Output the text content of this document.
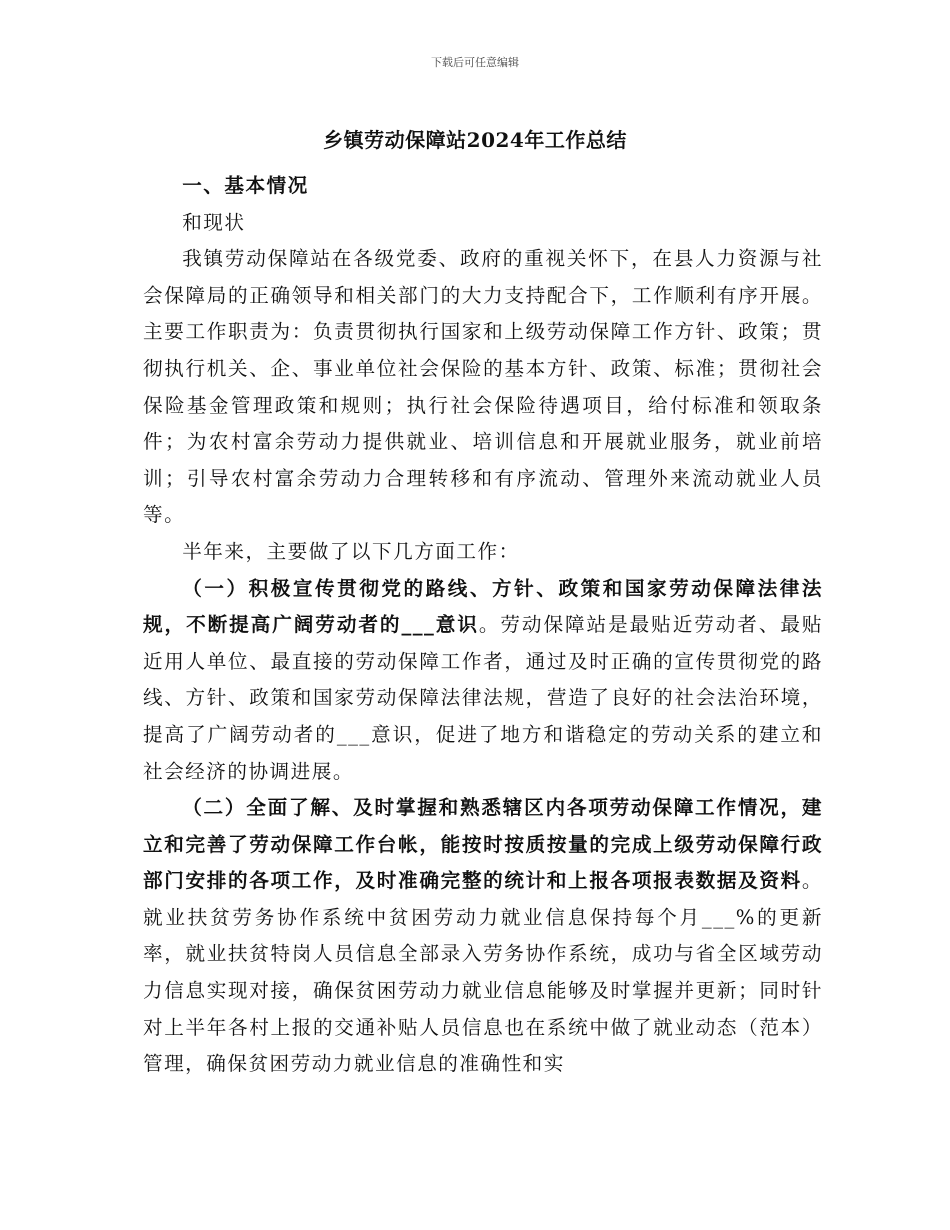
下载后可任意编辑
乡镇劳动保障站2024年工作总结

一、基本情况

和现状

我镇劳动保障站在各级党委、政府的重视关怀下，在县人力资源与社会保障局的正确领导和相关部门的大力支持配合下，工作顺利有序开展。主要工作职责为：负责贯彻执行国家和上级劳动保障工作方针、政策；贯彻执行机关、企、事业单位社会保险的基本方针、政策、标准；贯彻社会保险基金管理政策和规则；执行社会保险待遇项目，给付标准和领取条件；为农村富余劳动力提供就业、培训信息和开展就业服务，就业前培训；引导农村富余劳动力合理转移和有序流动、管理外来流动就业人员等。

半年来，主要做了以下几方面工作：

（一）积极宣传贯彻党的路线、方针、政策和国家劳动保障法律法规，不断提高广阔劳动者的___意识。劳动保障站是最贴近劳动者、最贴近用人单位、最直接的劳动保障工作者，通过及时正确的宣传贯彻党的路线、方针、政策和国家劳动保障法律法规，营造了良好的社会法治环境，提高了广阔劳动者的___意识，促进了地方和谐稳定的劳动关系的建立和社会经济的协调进展。

（二）全面了解、及时掌握和熟悉辖区内各项劳动保障工作情况，建立和完善了劳动保障工作台帐，能按时按质按量的完成上级劳动保障行政部门安排的各项工作，及时准确完整的统计和上报各项报表数据及资料。就业扶贫劳务协作系统中贫困劳动力就业信息保持每个月___%的更新率，就业扶贫特岗人员信息全部录入劳务协作系统，成功与省全区域劳动力信息实现对接，确保贫困劳动力就业信息能够及时掌握并更新；同时针对上半年各村上报的交通补贴人员信息也在系统中做了就业动态（范本）管理，确保贫困劳动力就业信息的准确性和实
